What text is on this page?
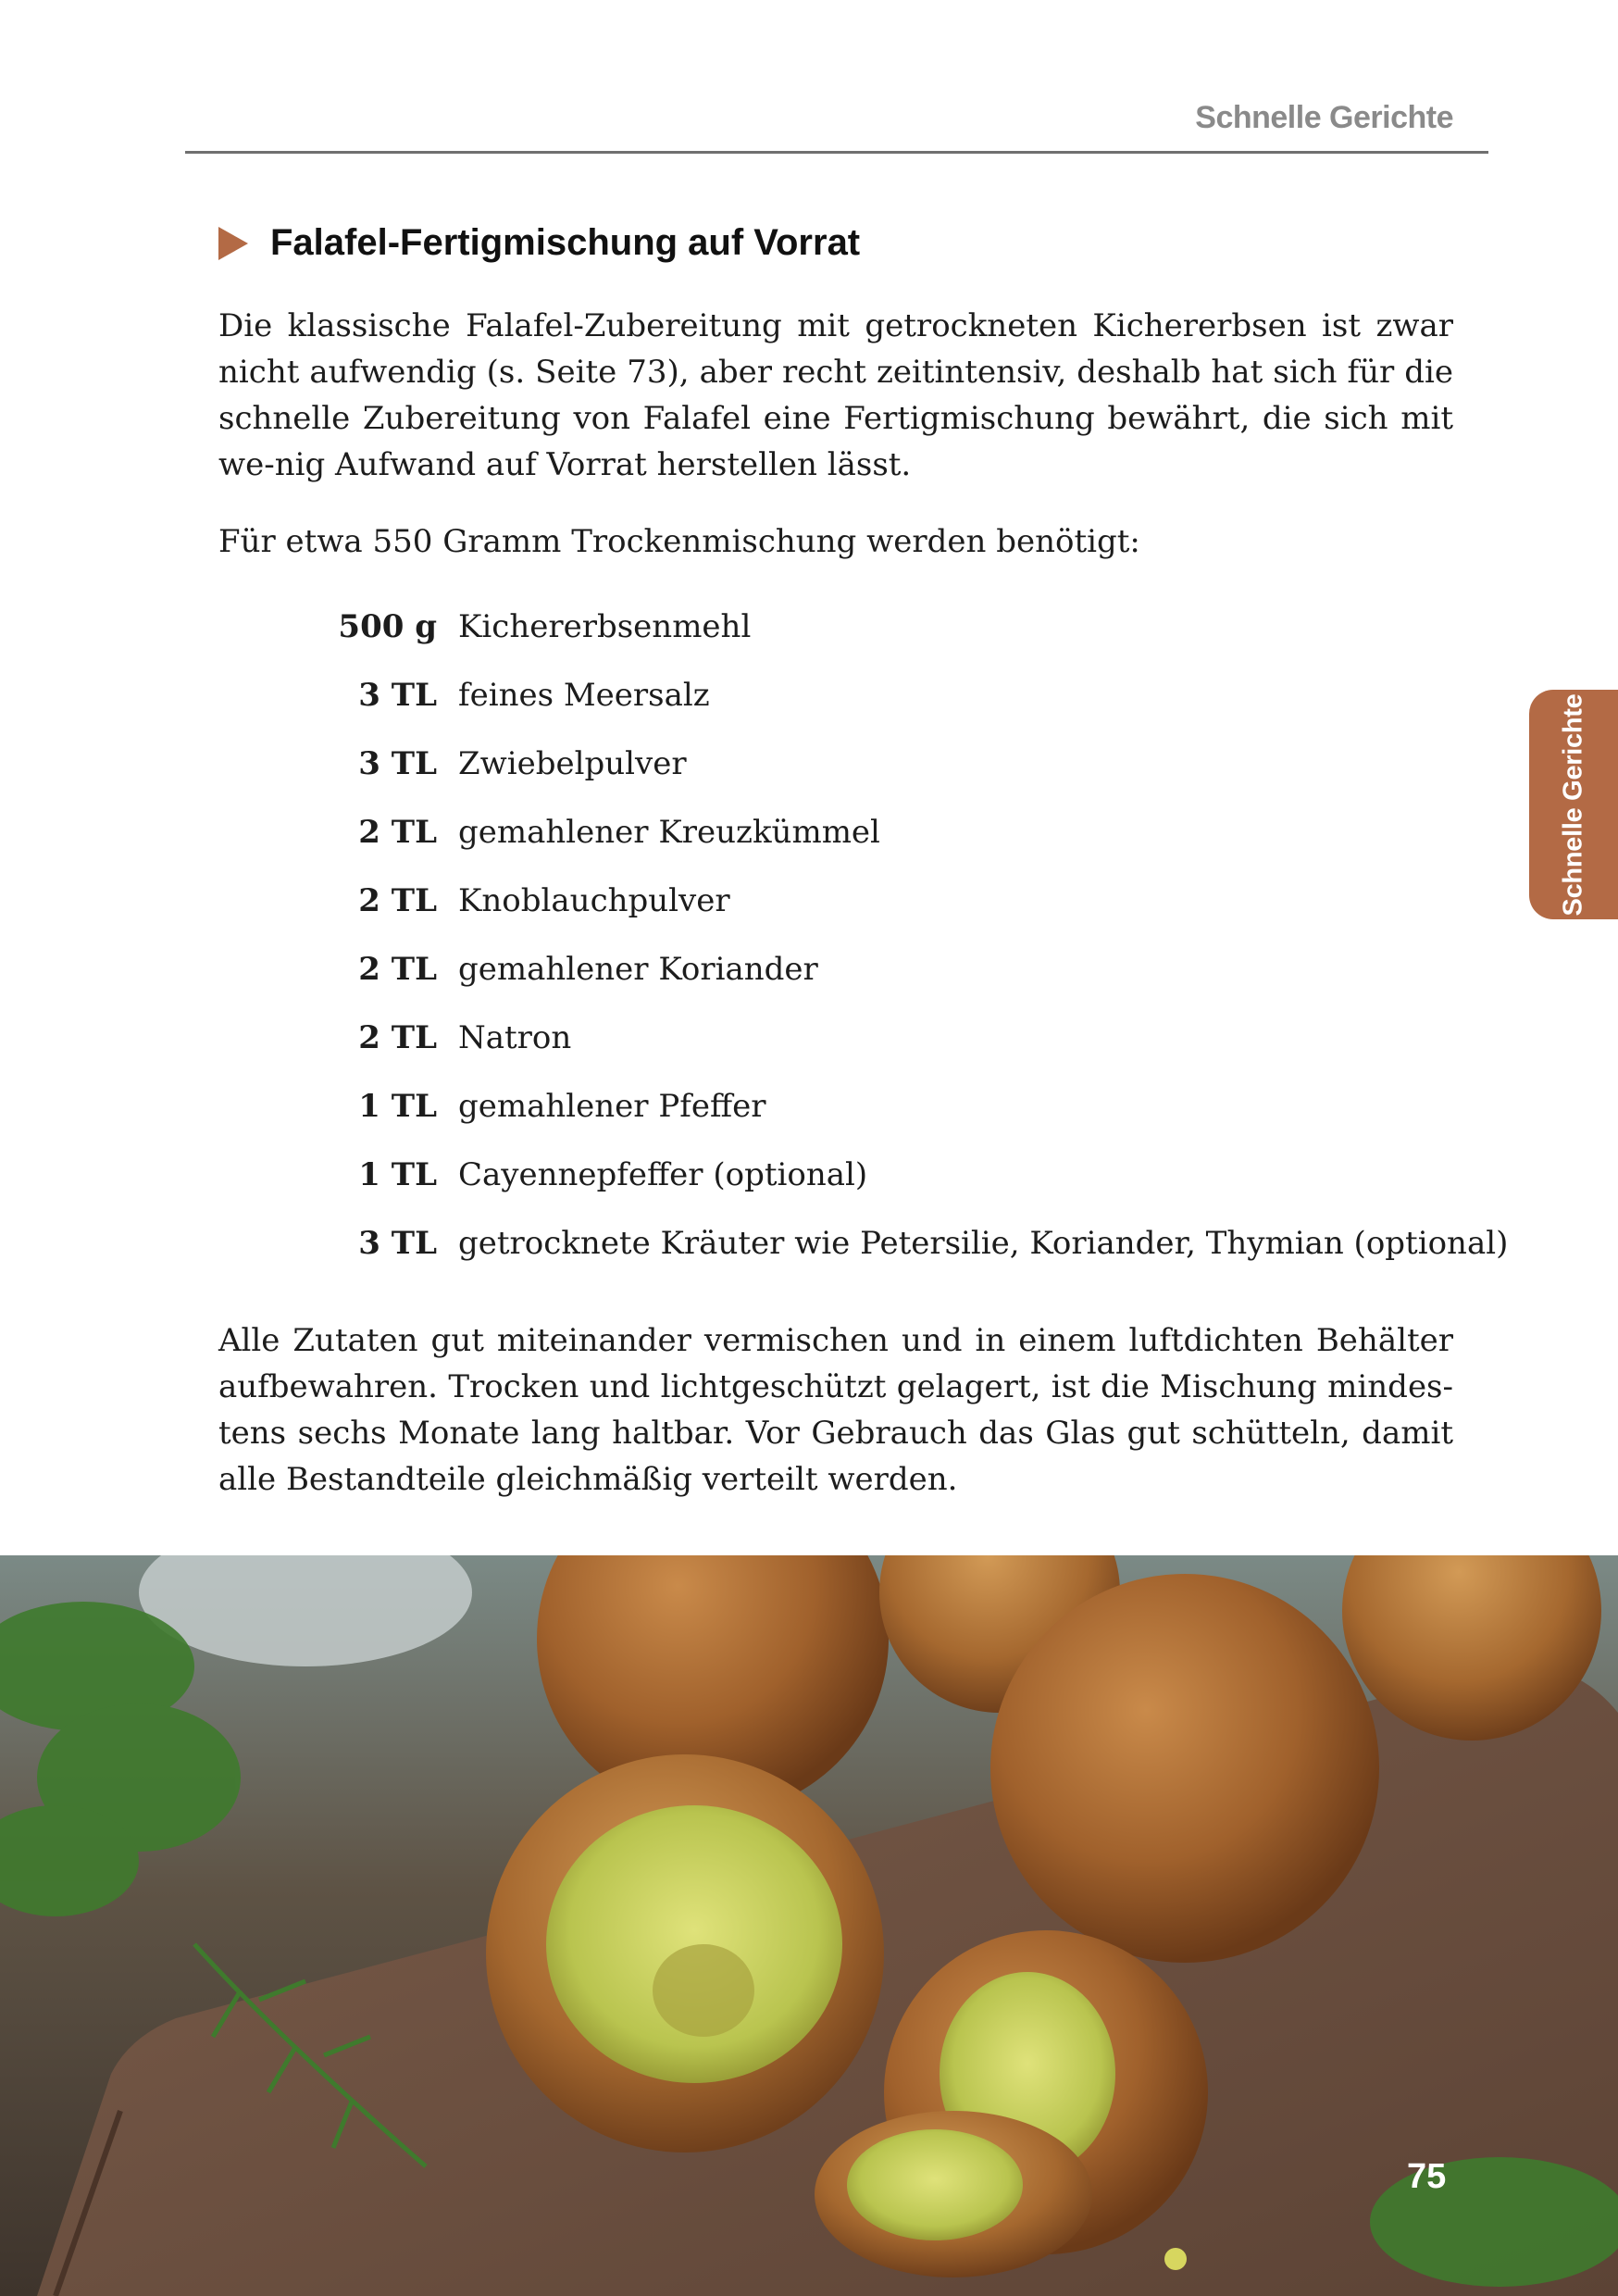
Schnelle Gerichte
Falafel-Fertigmischung auf Vorrat

Die klassische Falafel-Zubereitung mit getrockneten Kichererbsen ist zwar nicht aufwendig (s. Seite 73), aber recht zeitintensiv, deshalb hat sich für die schnelle Zubereitung von Falafel eine Fertigmischung bewährt, die sich mit we-nig Aufwand auf Vorrat herstellen lässt.

Für etwa 550 Gramm Trockenmischung werden benötigt:

500 g Kichererbsenmehl
3 TL feines Meersalz
3 TL Zwiebelpulver
2 TL gemahlener Kreuzkümmel
2 TL Knoblauchpulver
2 TL gemahlener Koriander
2 TL Natron
1 TL gemahlener Pfeffer
1 TL Cayennepfeffer (optional)
3 TL getrocknete Kräuter wie Petersilie, Koriander, Thymian (optional)

Alle Zutaten gut miteinander vermischen und in einem luftdichten Behälter aufbewahren. Trocken und lichtgeschützt gelagert, ist die Mischung mindes-tens sechs Monate lang haltbar. Vor Gebrauch das Glas gut schütteln, damit alle Bestandteile gleichmäßig verteilt werden.

Schnelle Gerichte
75
